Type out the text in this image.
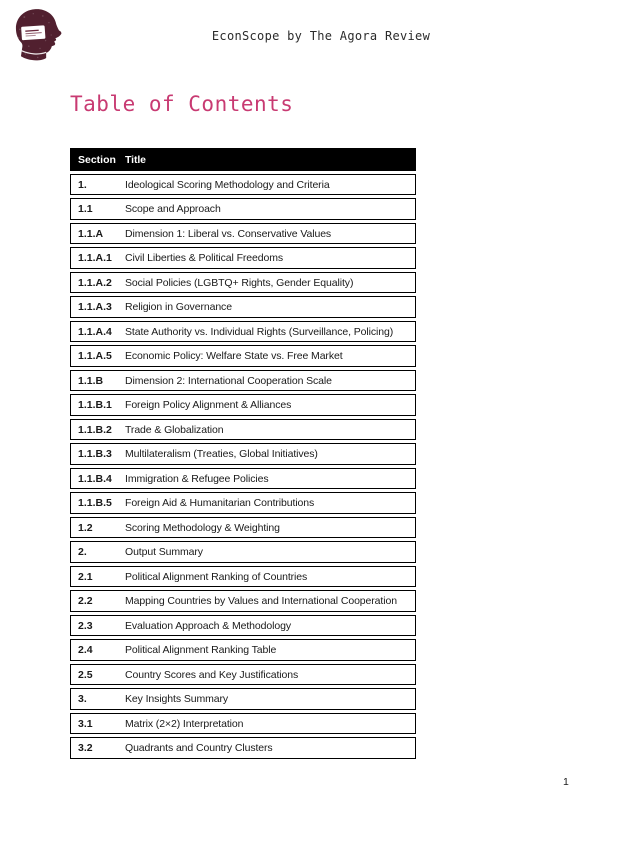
EconScope by The Agora Review
Table of Contents
Section Title
1.	Ideological Scoring Methodology and Criteria
1.1	Scope and Approach
1.1.A	Dimension 1: Liberal vs. Conservative Values
1.1.A.1	Civil Liberties & Political Freedoms
1.1.A.2	Social Policies (LGBTQ+ Rights, Gender Equality)
1.1.A.3	Religion in Governance
1.1.A.4	State Authority vs. Individual Rights (Surveillance, Policing)
1.1.A.5	Economic Policy: Welfare State vs. Free Market
1.1.B	Dimension 2: International Cooperation Scale
1.1.B.1	Foreign Policy Alignment & Alliances
1.1.B.2	Trade & Globalization
1.1.B.3	Multilateralism (Treaties, Global Initiatives)
1.1.B.4	Immigration & Refugee Policies
1.1.B.5	Foreign Aid & Humanitarian Contributions
1.2	Scoring Methodology & Weighting
2.	Output Summary
2.1	Political Alignment Ranking of Countries
2.2	Mapping Countries by Values and International Cooperation
2.3	Evaluation Approach & Methodology
2.4	Political Alignment Ranking Table
2.5	Country Scores and Key Justifications
3.	Key Insights Summary
3.1	Matrix (2×2) Interpretation
3.2	Quadrants and Country Clusters
1
